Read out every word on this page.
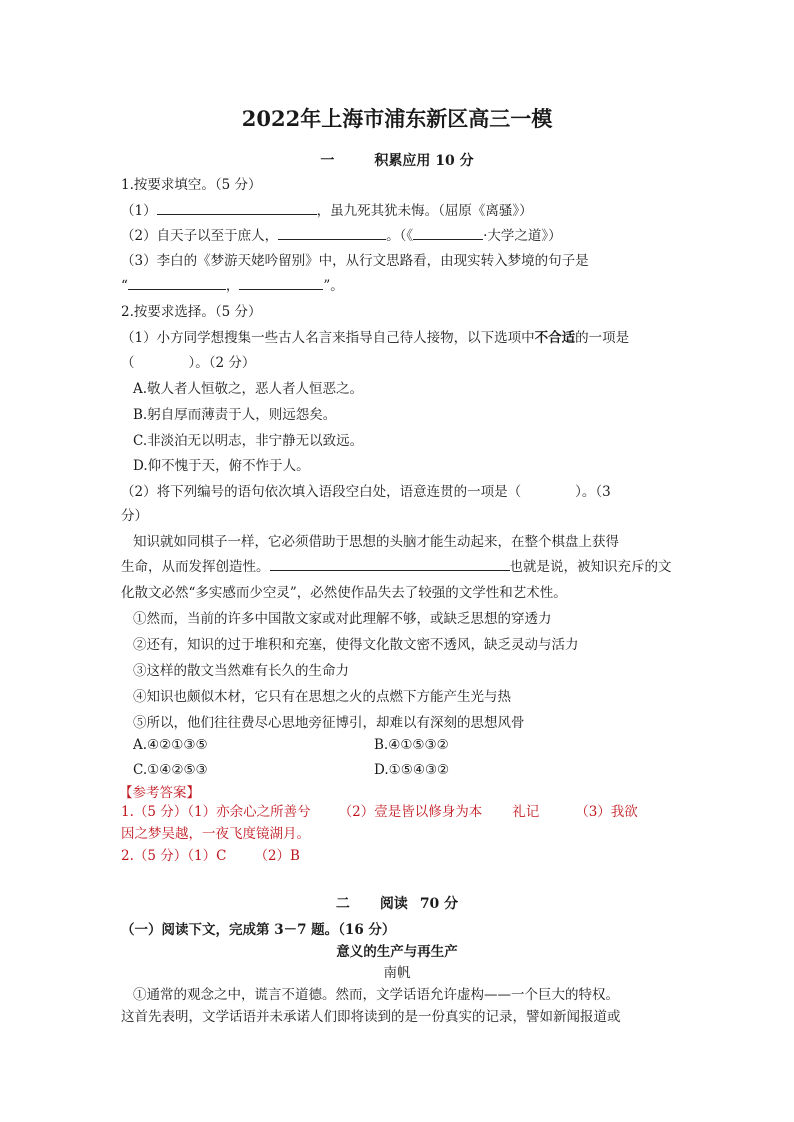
2022年上海市浦东新区高三一模
一	积累应用 10 分
1.按要求填空。（5 分）
（1）	，虽九死其犹未悔。（屈原《离骚》）
（2）自天子以至于庶人，	。（《	·大学之道》）
（3）李白的《梦游天姥吟留别》中，从行文思路看，由现实转入梦境的句子是
“	，	”。
2.按要求选择。（5 分）
（1）小方同学想搜集一些古人名言来指导自己待人接物，以下选项中不合适的一项是
（	）。（2 分）
A.敬人者人恒敬之，恶人者人恒恶之。
B.躬自厚而薄责于人，则远怨矣。
C.非淡泊无以明志，非宁静无以致远。
D.仰不愧于天，俯不怍于人。
（2）将下列编号的语句依次填入语段空白处，语意连贯的一项是（	）。（3
分）
知识就如同棋子一样，它必须借助于思想的头脑才能生动起来，在整个棋盘上获得
生命，从而发挥创造性。	也就是说，被知识充斥的文
化散文必然“多实感而少空灵”，必然使作品失去了较强的文学性和艺术性。
①然而，当前的许多中国散文家或对此理解不够，或缺乏思想的穿透力
②还有，知识的过于堆积和充塞，使得文化散文密不透风，缺乏灵动与活力
③这样的散文当然难有长久的生命力
④知识也颇似木材，它只有在思想之火的点燃下方能产生光与热
⑤所以，他们往往费尽心思地旁征博引，却难以有深刻的思想风骨
A.④②①③⑤	B.④①⑤③②
C.①④②⑤③	D.①⑤④③②
【参考答案】
1.（5 分）（1）亦余心之所善兮 （2）壹是皆以修身为本 礼记	（3）我欲
因之梦吴越，一夜飞度镜湖月。
2.（5 分）（1）C （2）B
二 阅读 70 分
（一）阅读下文，完成第 3－7 题。（16 分）
意义的生产与再生产
南帆
①通常的观念之中，谎言不道德。然而，文学话语允许虚构——一个巨大的特权。
这首先表明，文学话语并未承诺人们即将读到的是一份真实的记录，譬如新闻报道或
